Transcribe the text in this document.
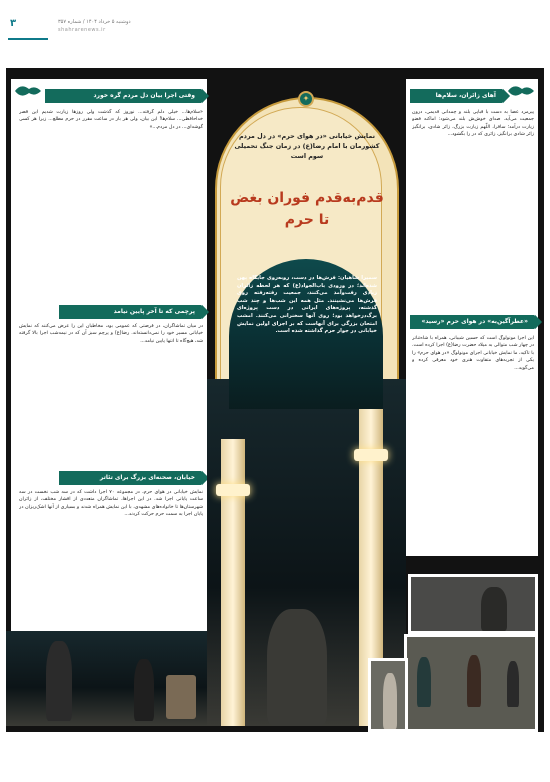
۳	دوشنبه ۵ خرداد ۱۴۰۴ / شماره ۳۵۷
shahrarenews.ir
وقتی اجرا بیان دل مردم گره خورد
«سلام‌ها... خیلی دلم گرفته... نوروز که گذشت ولی روزها زیارت شدیم این قصر خداحافظی... سلام‌ها! این بیان، ولی هر بار در ساعت مقرر در حرم مطلع... زیرا هر کسی گوشه‌ای... در دل مردم...»
پرچمی که تا آخر پایین نیامد
در میان تماشاگران، در فرصتی که عمومی بود، مخاطبان این را عرض می‌کنند که نمایش خیابانی مسیر خود را نمی‌دانسته‌اند. رضا(ع) و پرچم سبز آن که در نیمه‌شب اجرا بالا گرفته شد، هیچ‌گاه تا انتها پایین نیامد...
خیابان، صحنه‌ای بزرگ برای تئاتر
نمایش خیابانی در هوای حرم، در مجموعه ۷۰ اجرا داشت که در سه شب نخست در سه ساعت پایانی اجرا شد. در این اجراها، تماشاگران متعددی از اقشار مختلف، از زائران شهرستان‌ها تا خانواده‌های مشهدی، با این نمایش همراه شدند و بسیاری از آنها اشک‌ریزان در پایان اجرا به سمت حرم حرکت کردند...
✦
نمایش خیابانی «در هوای حرم» در دل مردم کشورمان با امام رضا(ع) در زمان جنگ تحمیلی سوم است
قدم‌به‌قدم فوران بغض تا حرم
سمیرا شاهیان: فرش‌ها در دست، روبه‌روی جایگاه پهن شده‌اند؛ در ورودی باب‌الجواد(ع) که هر لحظه زائران زیادی رفت‌وآمد می‌کنند، جمعیت رفته‌رفته روی فرش‌ها می‌نشینند. مثل همه این شب‌ها و چند شب گذشته، پروژه‌های ایرانی در دست پروژه‌ای برگ‌درخواهد بود؛ روی آنها سخنرانی می‌کنند. امشب امتحان بزرگی برای آنهاست که بر اجرای اولین نمایش خیابانی در جوار حرم گذاشته شده است.
آهای زائران، سلام‌ها
پیرمرد عصا به دست با قباپی بلند و چمدانی قدیمی، درون جمعیت می‌آید. صدای خوش‌ش بلند می‌شود: اماکنه فضو زیارت درآمد؛ سافرا، اللّهم زیارت بزرگ، زائر شادی، برانگیز زائر شادی برانگیز، زائری که در را بگشود...
«عطرآگین‌به» در هوای حرم «رسید»
این اجرا مونولوگ است که حسین شیبانی، همراه با شاه‌تناتر در چهار شب متوالی به میلاد حضرت رضا(ع) اجرا کرده است. با تاکید، ما نمایش خیابانی اجرای مونولوگ «در هوای حرم» را یکی از تجربه‌های متفاوت هنری خود معرفی کرده و می‌گوید...
